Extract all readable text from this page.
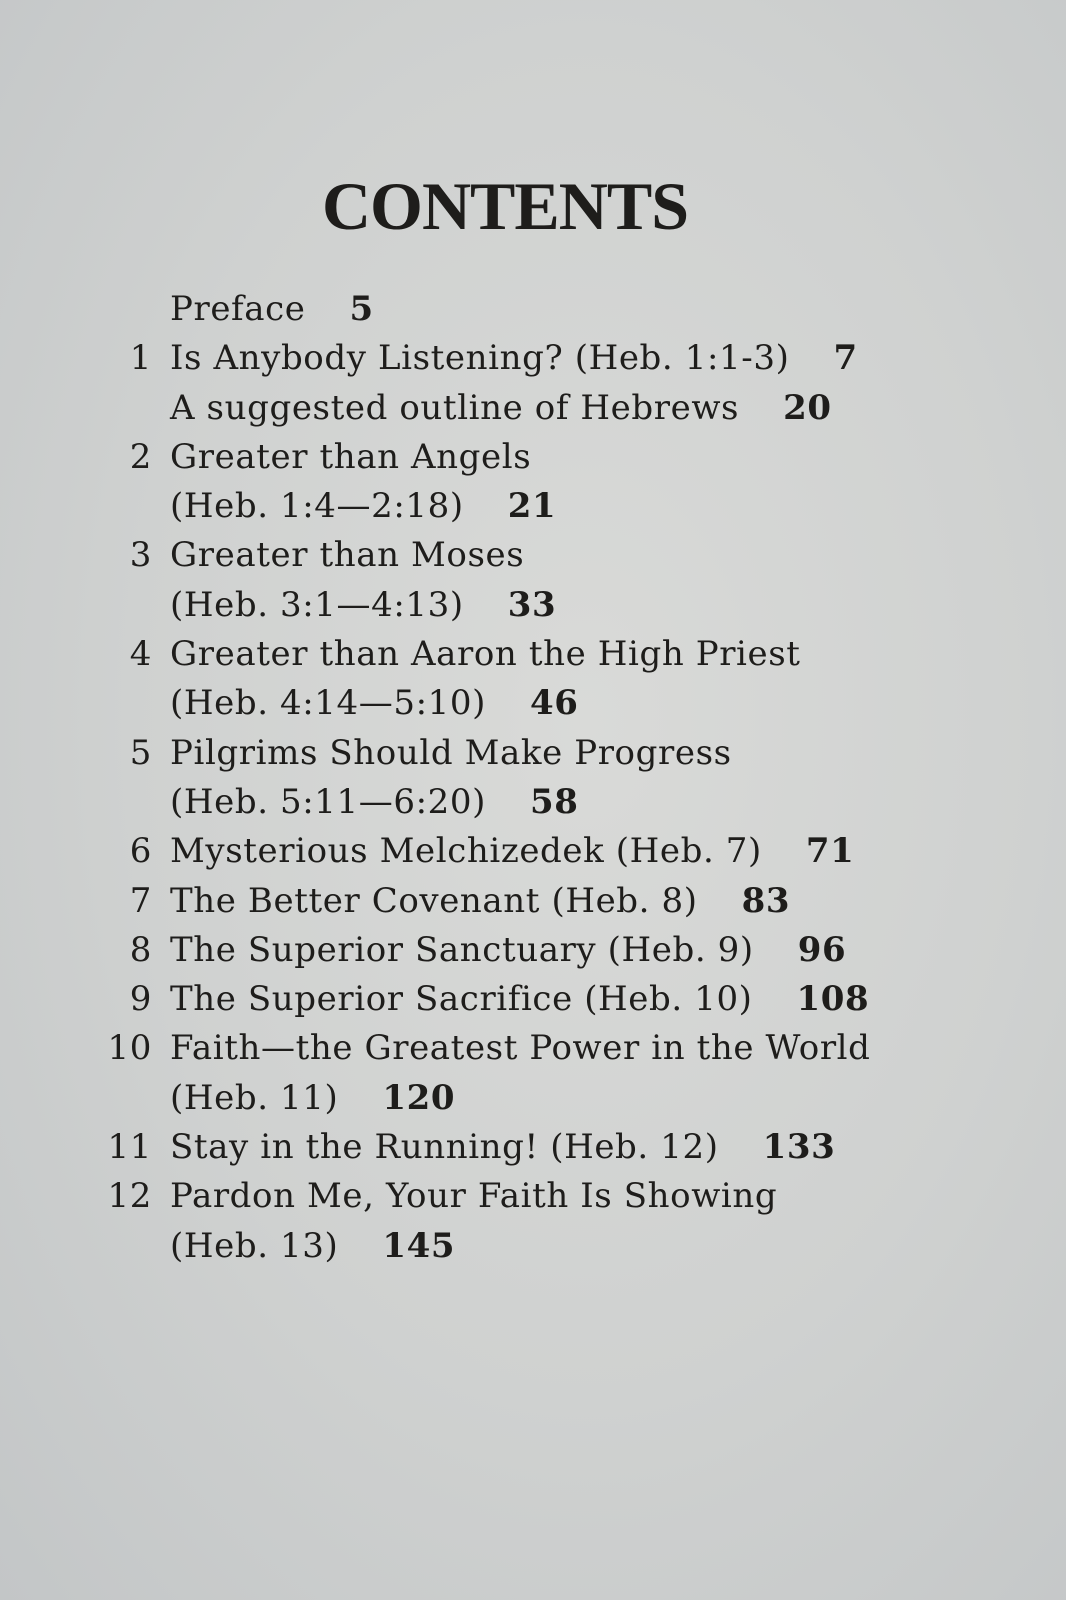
CONTENTS
Preface 5
1 Is Anybody Listening? (Heb. 1:1-3) 7
A suggested outline of Hebrews 20
2 Greater than Angels
(Heb. 1:4—2:18) 21
3 Greater than Moses
(Heb. 3:1—4:13) 33
4 Greater than Aaron the High Priest
(Heb. 4:14—5:10) 46
5 Pilgrims Should Make Progress
(Heb. 5:11—6:20) 58
6 Mysterious Melchizedek (Heb. 7) 71
7 The Better Covenant (Heb. 8) 83
8 The Superior Sanctuary (Heb. 9) 96
9 The Superior Sacrifice (Heb. 10) 108
10 Faith—the Greatest Power in the World
(Heb. 11) 120
11 Stay in the Running! (Heb. 12) 133
12 Pardon Me, Your Faith Is Showing
(Heb. 13) 145
